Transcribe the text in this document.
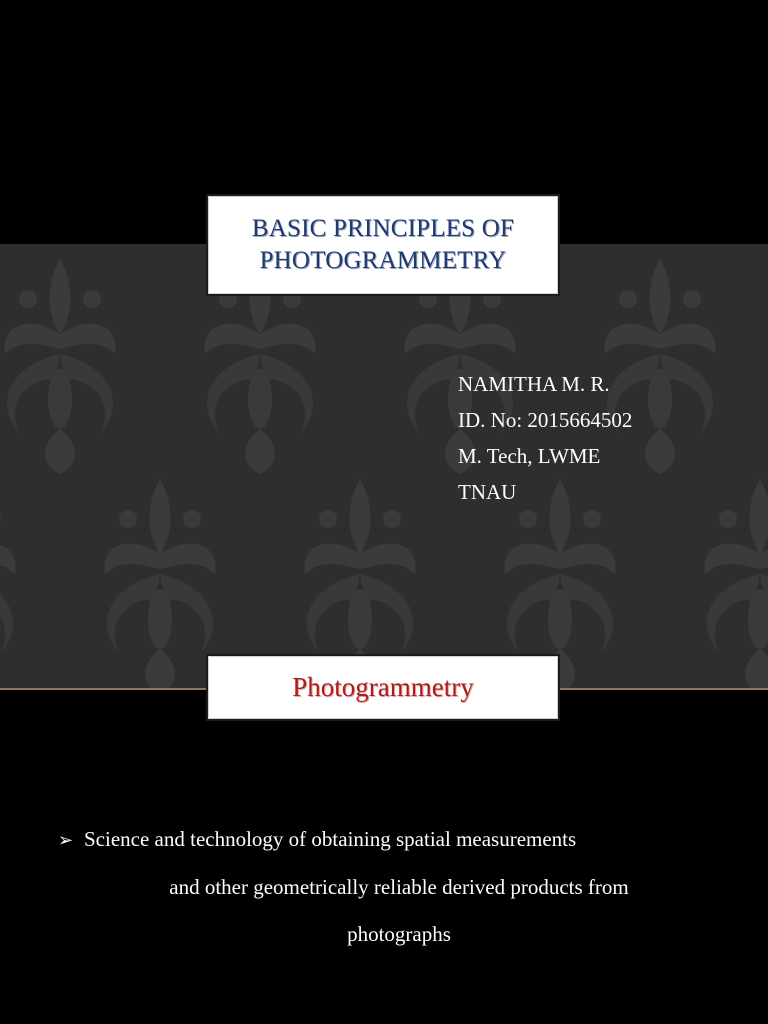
BASIC PRINCIPLES OF
PHOTOGRAMMETRY
NAMITHA M. R.
ID. No: 2015664502
M. Tech, LWME
TNAU
Photogrammetry
➢ Science and technology of obtaining spatial measurements
and other geometrically reliable derived products from
photographs
